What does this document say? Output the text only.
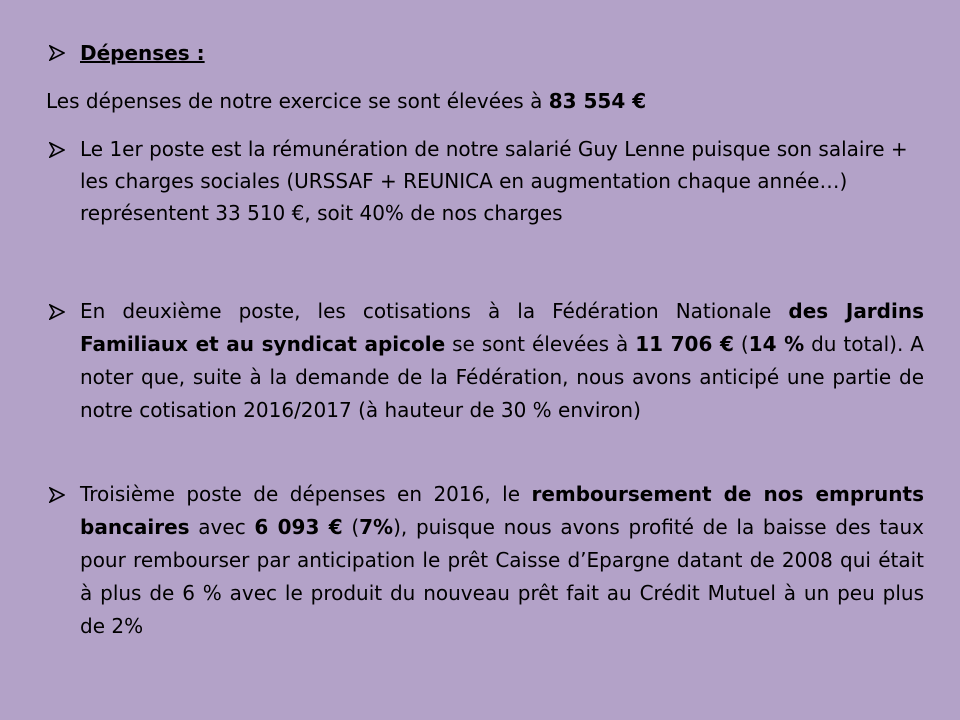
Dépenses :
Les dépenses de notre exercice se sont élevées à 83 554 €
Le 1er poste est la rémunération de notre salarié Guy Lenne puisque son salaire + les charges sociales (URSSAF + REUNICA en augmentation chaque année…) représentent 33 510 €, soit 40% de nos charges
En deuxième poste, les cotisations à la Fédération Nationale des Jardins Familiaux et au syndicat apicole se sont élevées à 11 706 € (14 % du total). A noter que, suite à la demande de la Fédération, nous avons anticipé une partie de notre cotisation 2016/2017 (à hauteur de 30 % environ)
Troisième poste de dépenses en 2016, le remboursement de nos emprunts bancaires avec 6 093 € (7%), puisque nous avons profité de la baisse des taux pour rembourser par anticipation le prêt Caisse d’Epargne datant de 2008 qui était à plus de 6 % avec le produit du nouveau prêt fait au Crédit Mutuel à un peu plus de 2%
